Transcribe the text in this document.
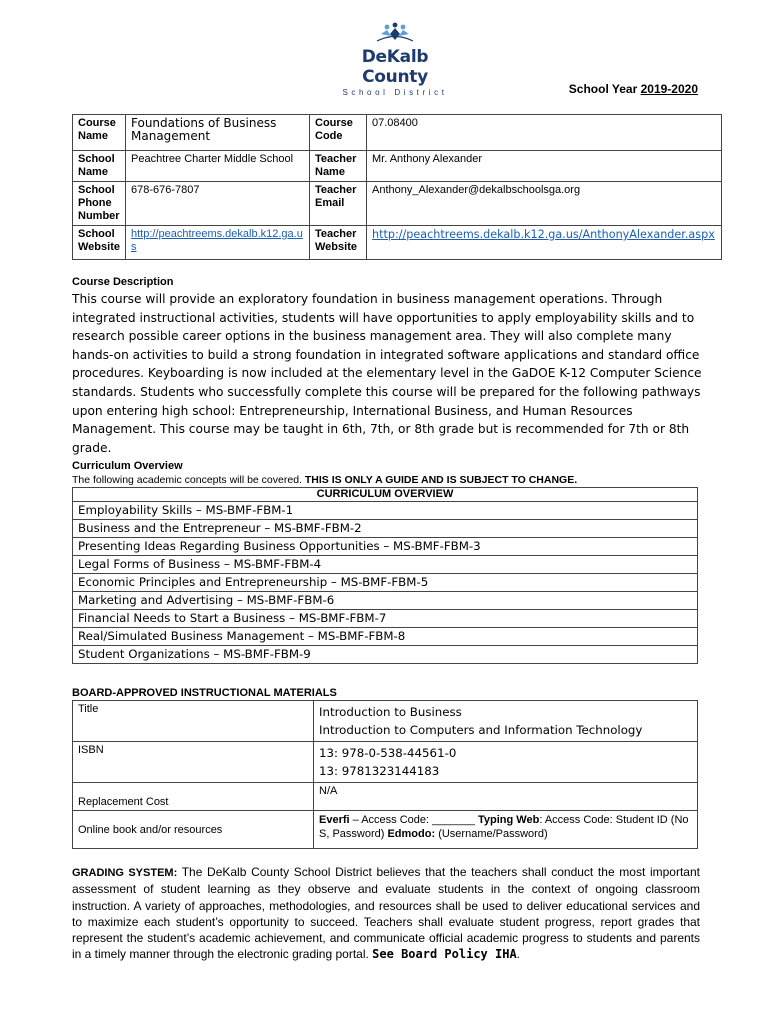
DeKalb County
School District	School Year 2019-2020
Course Name	Foundations of Business Management	Course Code	07.08400
School Name	Peachtree Charter Middle School	Teacher Name	Mr. Anthony Alexander
School Phone Number	678-676-7807	Teacher Email	Anthony_Alexander@dekalbschoolsga.org
School Website	http://peachtreems.dekalb.k12.ga.us	Teacher Website	http://peachtreems.dekalb.k12.ga.us/AnthonyAlexander.aspx
Course Description
This course will provide an exploratory foundation in business management operations. Through integrated instructional activities, students will have opportunities to apply employability skills and to research possible career options in the business management area. They will also complete many hands-on activities to build a strong foundation in integrated software applications and standard office procedures. Keyboarding is now included at the elementary level in the GaDOE K-12 Computer Science standards. Students who successfully complete this course will be prepared for the following pathways upon entering high school: Entrepreneurship, International Business, and Human Resources Management. This course may be taught in 6th, 7th, or 8th grade but is recommended for 7th or 8th grade.
Curriculum Overview
The following academic concepts will be covered. THIS IS ONLY A GUIDE AND IS SUBJECT TO CHANGE.
CURRICULUM OVERVIEW
Employability Skills – MS-BMF-FBM-1
Business and the Entrepreneur – MS-BMF-FBM-2
Presenting Ideas Regarding Business Opportunities – MS-BMF-FBM-3
Legal Forms of Business – MS-BMF-FBM-4
Economic Principles and Entrepreneurship – MS-BMF-FBM-5
Marketing and Advertising – MS-BMF-FBM-6
Financial Needs to Start a Business – MS-BMF-FBM-7
Real/Simulated Business Management – MS-BMF-FBM-8
Student Organizations – MS-BMF-FBM-9
BOARD-APPROVED INSTRUCTIONAL MATERIALS
Title	Introduction to Business
Introduction to Computers and Information Technology

ISBN	13: 978-0-538-44561-0
13: 9781323144183

Replacement Cost	N/A
Online book and/or resources	Everfi – Access Code: _______ Typing Web: Access Code: Student ID (No S, Password) Edmodo: (Username/Password)
GRADING SYSTEM: The DeKalb County School District believes that the teachers shall conduct the most important assessment of student learning as they observe and evaluate students in the context of ongoing classroom instruction. A variety of approaches, methodologies, and resources shall be used to deliver educational services and to maximize each student’s opportunity to succeed. Teachers shall evaluate student progress, report grades that represent the student’s academic achievement, and communicate official academic progress to students and parents in a timely manner through the electronic grading portal. See Board Policy IHA.
